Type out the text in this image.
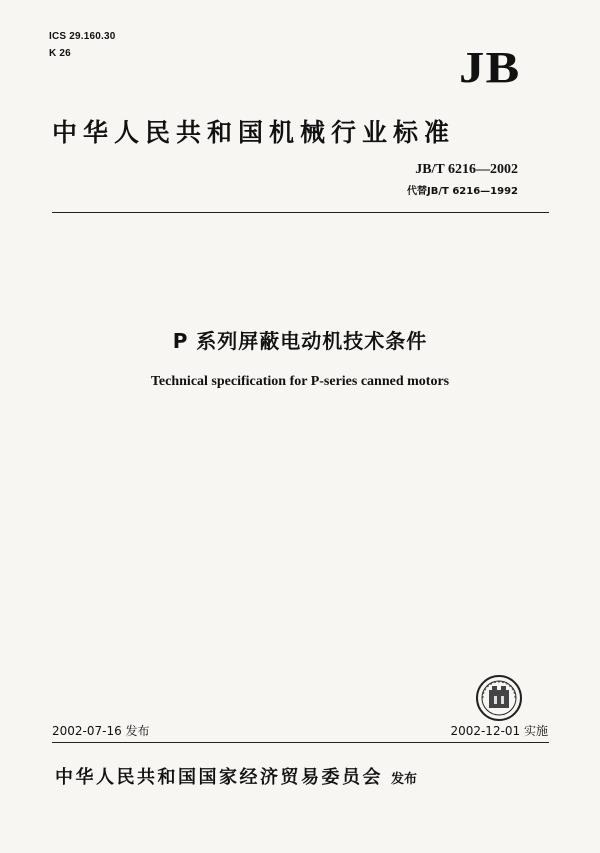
ICS 29.160.30
K 26	JB
中华人民共和国机械行业标准
JB/T 6216—2002
代替JB/T 6216—1992
P 系列屏蔽电动机技术条件
Technical specification for P-series canned motors
2002-07-16 发布	2002-12-01 实施
中华人民共和国国家经济贸易委员会 发布
